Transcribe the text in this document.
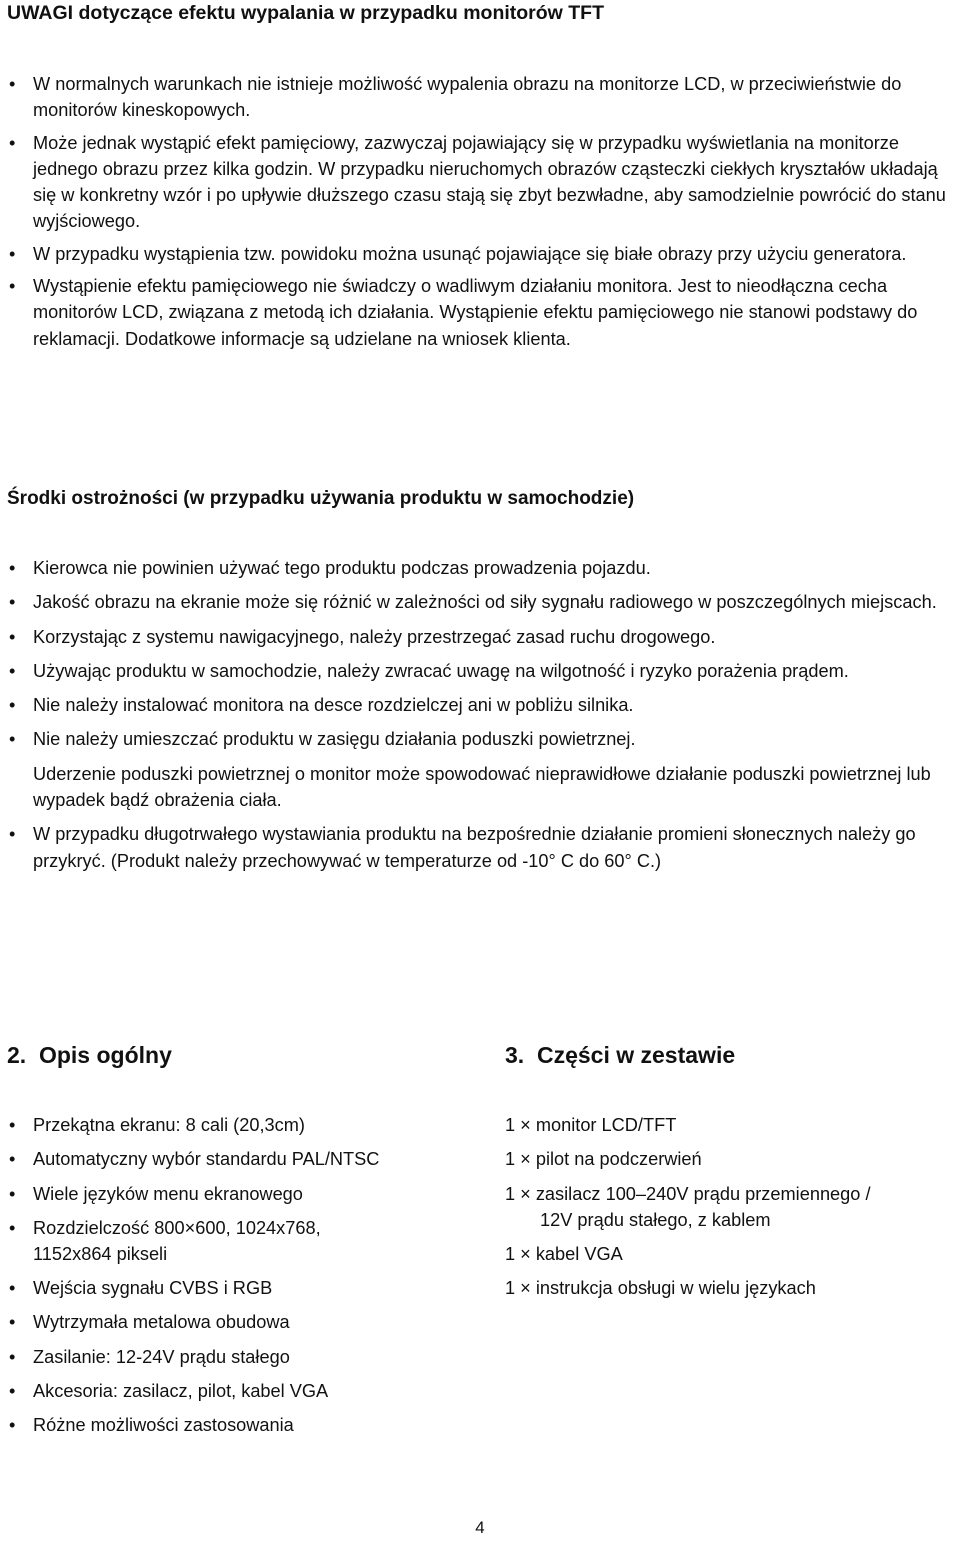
UWAGI dotyczące efektu wypalania w przypadku monitorów TFT
• W normalnych warunkach nie istnieje możliwość wypalenia obrazu na monitorze LCD, w przeciwieństwie do monitorów kineskopowych.
• Może jednak wystąpić efekt pamięciowy, zazwyczaj pojawiający się w przypadku wyświetlania na monitorze jednego obrazu przez kilka godzin. W przypadku nieruchomych obrazów cząsteczki ciekłych kryształów układają się w konkretny wzór i po upływie dłuższego czasu stają się zbyt bezwładne, aby samodzielnie powrócić do stanu wyjściowego.
• W przypadku wystąpienia tzw. powidoku można usunąć pojawiające się białe obrazy przy użyciu generatora.
• Wystąpienie efektu pamięciowego nie świadczy o wadliwym działaniu monitora. Jest to nieodłączna cecha monitorów LCD, związana z metodą ich działania. Wystąpienie efektu pamięciowego nie stanowi podstawy do reklamacji. Dodatkowe informacje są udzielane na wniosek klienta.
Środki ostrożności (w przypadku używania produktu w samochodzie)
• Kierowca nie powinien używać tego produktu podczas prowadzenia pojazdu.
• Jakość obrazu na ekranie może się różnić w zależności od siły sygnału radiowego w poszczególnych miejscach.
• Korzystając z systemu nawigacyjnego, należy przestrzegać zasad ruchu drogowego.
• Używając produktu w samochodzie, należy zwracać uwagę na wilgotność i ryzyko porażenia prądem.
• Nie należy instalować monitora na desce rozdzielczej ani w pobliżu silnika.
• Nie należy umieszczać produktu w zasięgu działania poduszki powietrznej.
Uderzenie poduszki powietrznej o monitor może spowodować nieprawidłowe działanie poduszki powietrznej lub wypadek bądź obrażenia ciała.
• W przypadku długotrwałego wystawiania produktu na bezpośrednie działanie promieni słonecznych należy go przykryć. (Produkt należy przechowywać w temperaturze od -10° C do 60° C.)
2. Opis ogólny	3. Części w zestawie
• Przekątna ekranu: 8 cali (20,3cm)
• Automatyczny wybór standardu PAL/NTSC
• Wiele języków menu ekranowego
• Rozdzielczość 800×600, 1024x768, 1152x864 pikseli
• Wejścia sygnału CVBS i RGB
• Wytrzymała metalowa obudowa
• Zasilanie: 12-24V prądu stałego
• Akcesoria: zasilacz, pilot, kabel VGA
• Różne możliwości zastosowania
1 × monitor LCD/TFT
1 × pilot na podczerwień
1 × zasilacz 100–240V prądu przemiennego /
12V prądu stałego, z kablem
1 × kabel VGA
1 × instrukcja obsługi w wielu językach
4
